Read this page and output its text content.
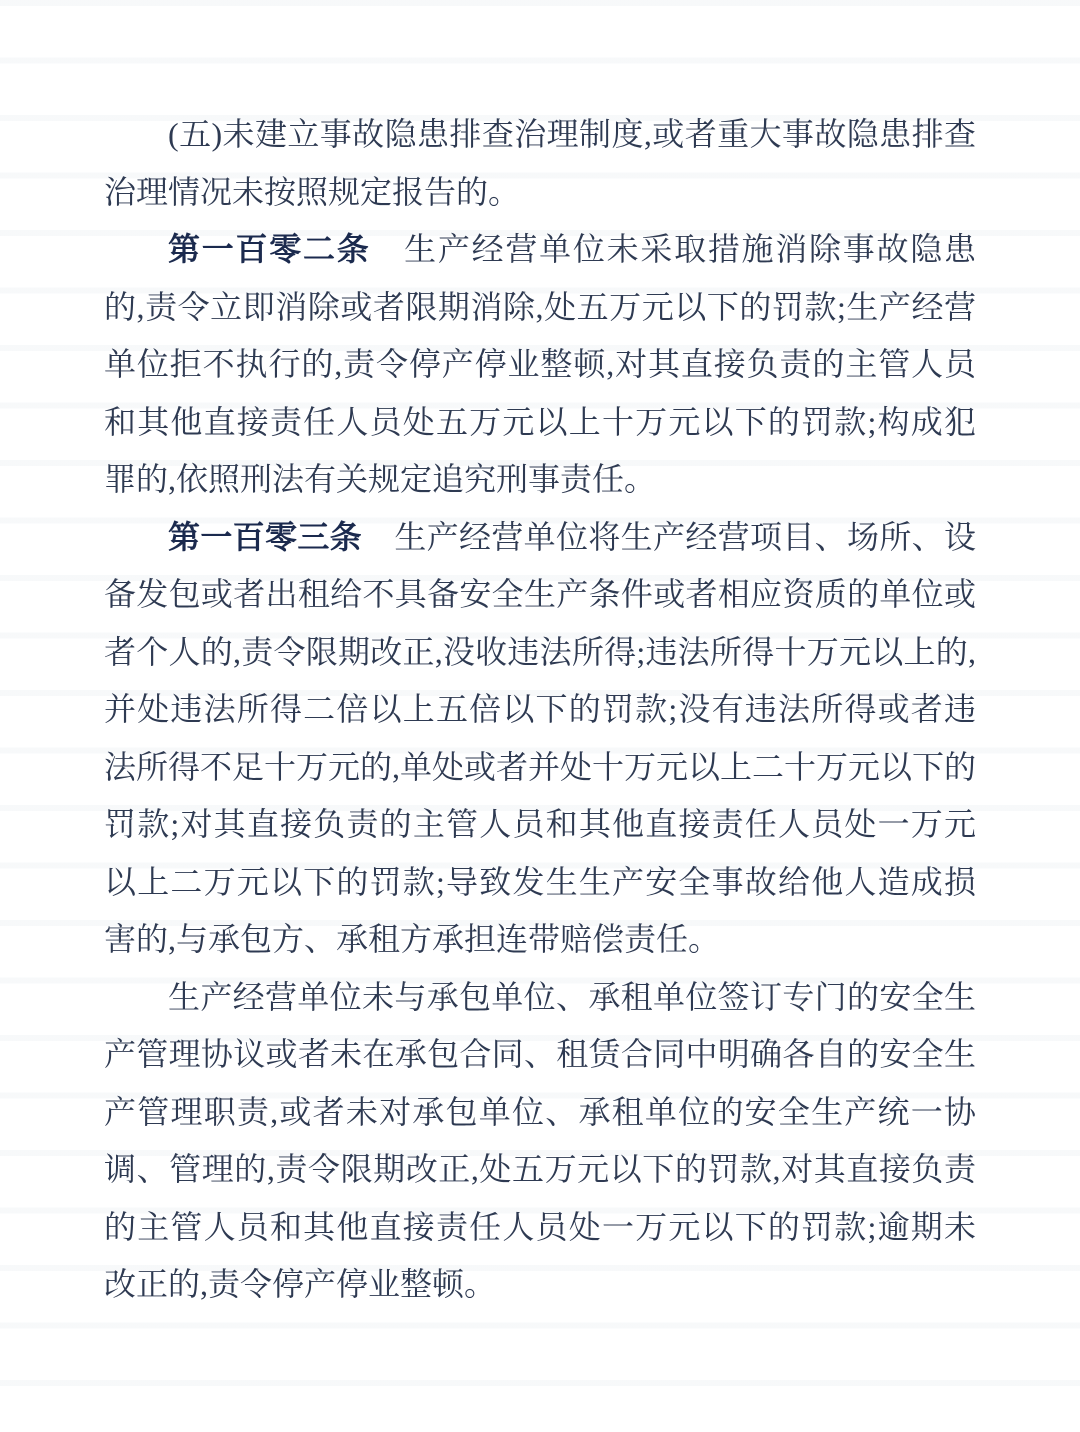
(五)未建立事故隐患排查治理制度,或者重大事故隐患排查治理情况未按照规定报告的。

第一百零二条　生产经营单位未采取措施消除事故隐患的,责令立即消除或者限期消除,处五万元以下的罚款;生产经营单位拒不执行的,责令停产停业整顿,对其直接负责的主管人员和其他直接责任人员处五万元以上十万元以下的罚款;构成犯罪的,依照刑法有关规定追究刑事责任。

第一百零三条　生产经营单位将生产经营项目、场所、设备发包或者出租给不具备安全生产条件或者相应资质的单位或者个人的,责令限期改正,没收违法所得;违法所得十万元以上的,并处违法所得二倍以上五倍以下的罚款;没有违法所得或者违法所得不足十万元的,单处或者并处十万元以上二十万元以下的罚款;对其直接负责的主管人员和其他直接责任人员处一万元以上二万元以下的罚款;导致发生生产安全事故给他人造成损害的,与承包方、承租方承担连带赔偿责任。

生产经营单位未与承包单位、承租单位签订专门的安全生产管理协议或者未在承包合同、租赁合同中明确各自的安全生产管理职责,或者未对承包单位、承租单位的安全生产统一协调、管理的,责令限期改正,处五万元以下的罚款,对其直接负责的主管人员和其他直接责任人员处一万元以下的罚款;逾期未改正的,责令停产停业整顿。
